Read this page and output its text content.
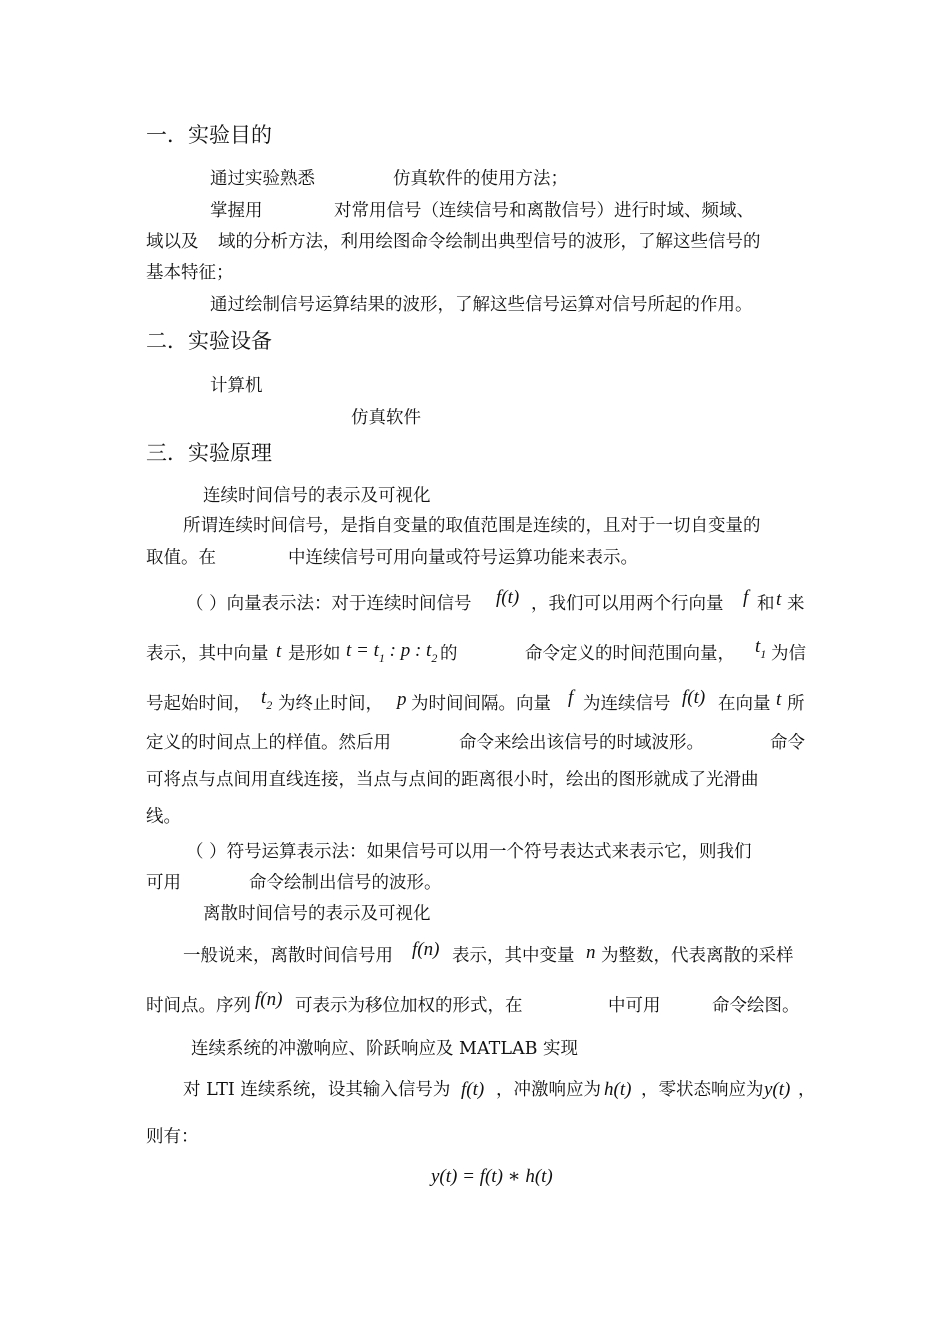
一．实验目的
通过实验熟悉	仿真软件的使用方法；
掌握用	对常用信号（连续信号和离散信号）进行时域、频域、
域以及 域的分析方法，利用绘图命令绘制出典型信号的波形，了解这些信号的
基本特征；
通过绘制信号运算结果的波形，了解这些信号运算对信号所起的作用。
二．实验设备
计算机
仿真软件
三．实验原理
连续时间信号的表示及可视化
所谓连续时间信号，是指自变量的取值范围是连续的，且对于一切自变量的
取值。在	中连续信号可用向量或符号运算功能来表示。
（ ）向量表示法：对于连续时间信号 f(t) ，我们可以用两个行向量 f 和 t 来
表示，其中向量 t 是形如 $t = t_1$ : p : $t_2$ 的	命令定义的时间范围向量， $t_1$ 为信
号起始时间， $t_2$ 为终止时间， p 为时间间隔。向量 f 为连续信号 f(t) 在向量 t 所
定义的时间点上的样值。然后用	命令来绘出该信号的时域波形。	命令
可将点与点间用直线连接，当点与点间的距离很小时，绘出的图形就成了光滑曲
线。
（ ）符号运算表示法：如果信号可以用一个符号表达式来表示它，则我们
可用	命令绘制出信号的波形。
离散时间信号的表示及可视化
一般说来，离散时间信号用 f(n) 表示，其中变量 n 为整数，代表离散的采样
时间点。序列 f(n) 可表示为移位加权的形式，在	中可用	命令绘图。
连续系统的冲激响应、阶跃响应及 MATLAB 实现
对 LTI 连续系统，设其输入信号为 f(t) ，冲激响应为 h(t) ，零状态响应为 y(t) ，
则有：
y(t) = f(t) ∗ h(t)
